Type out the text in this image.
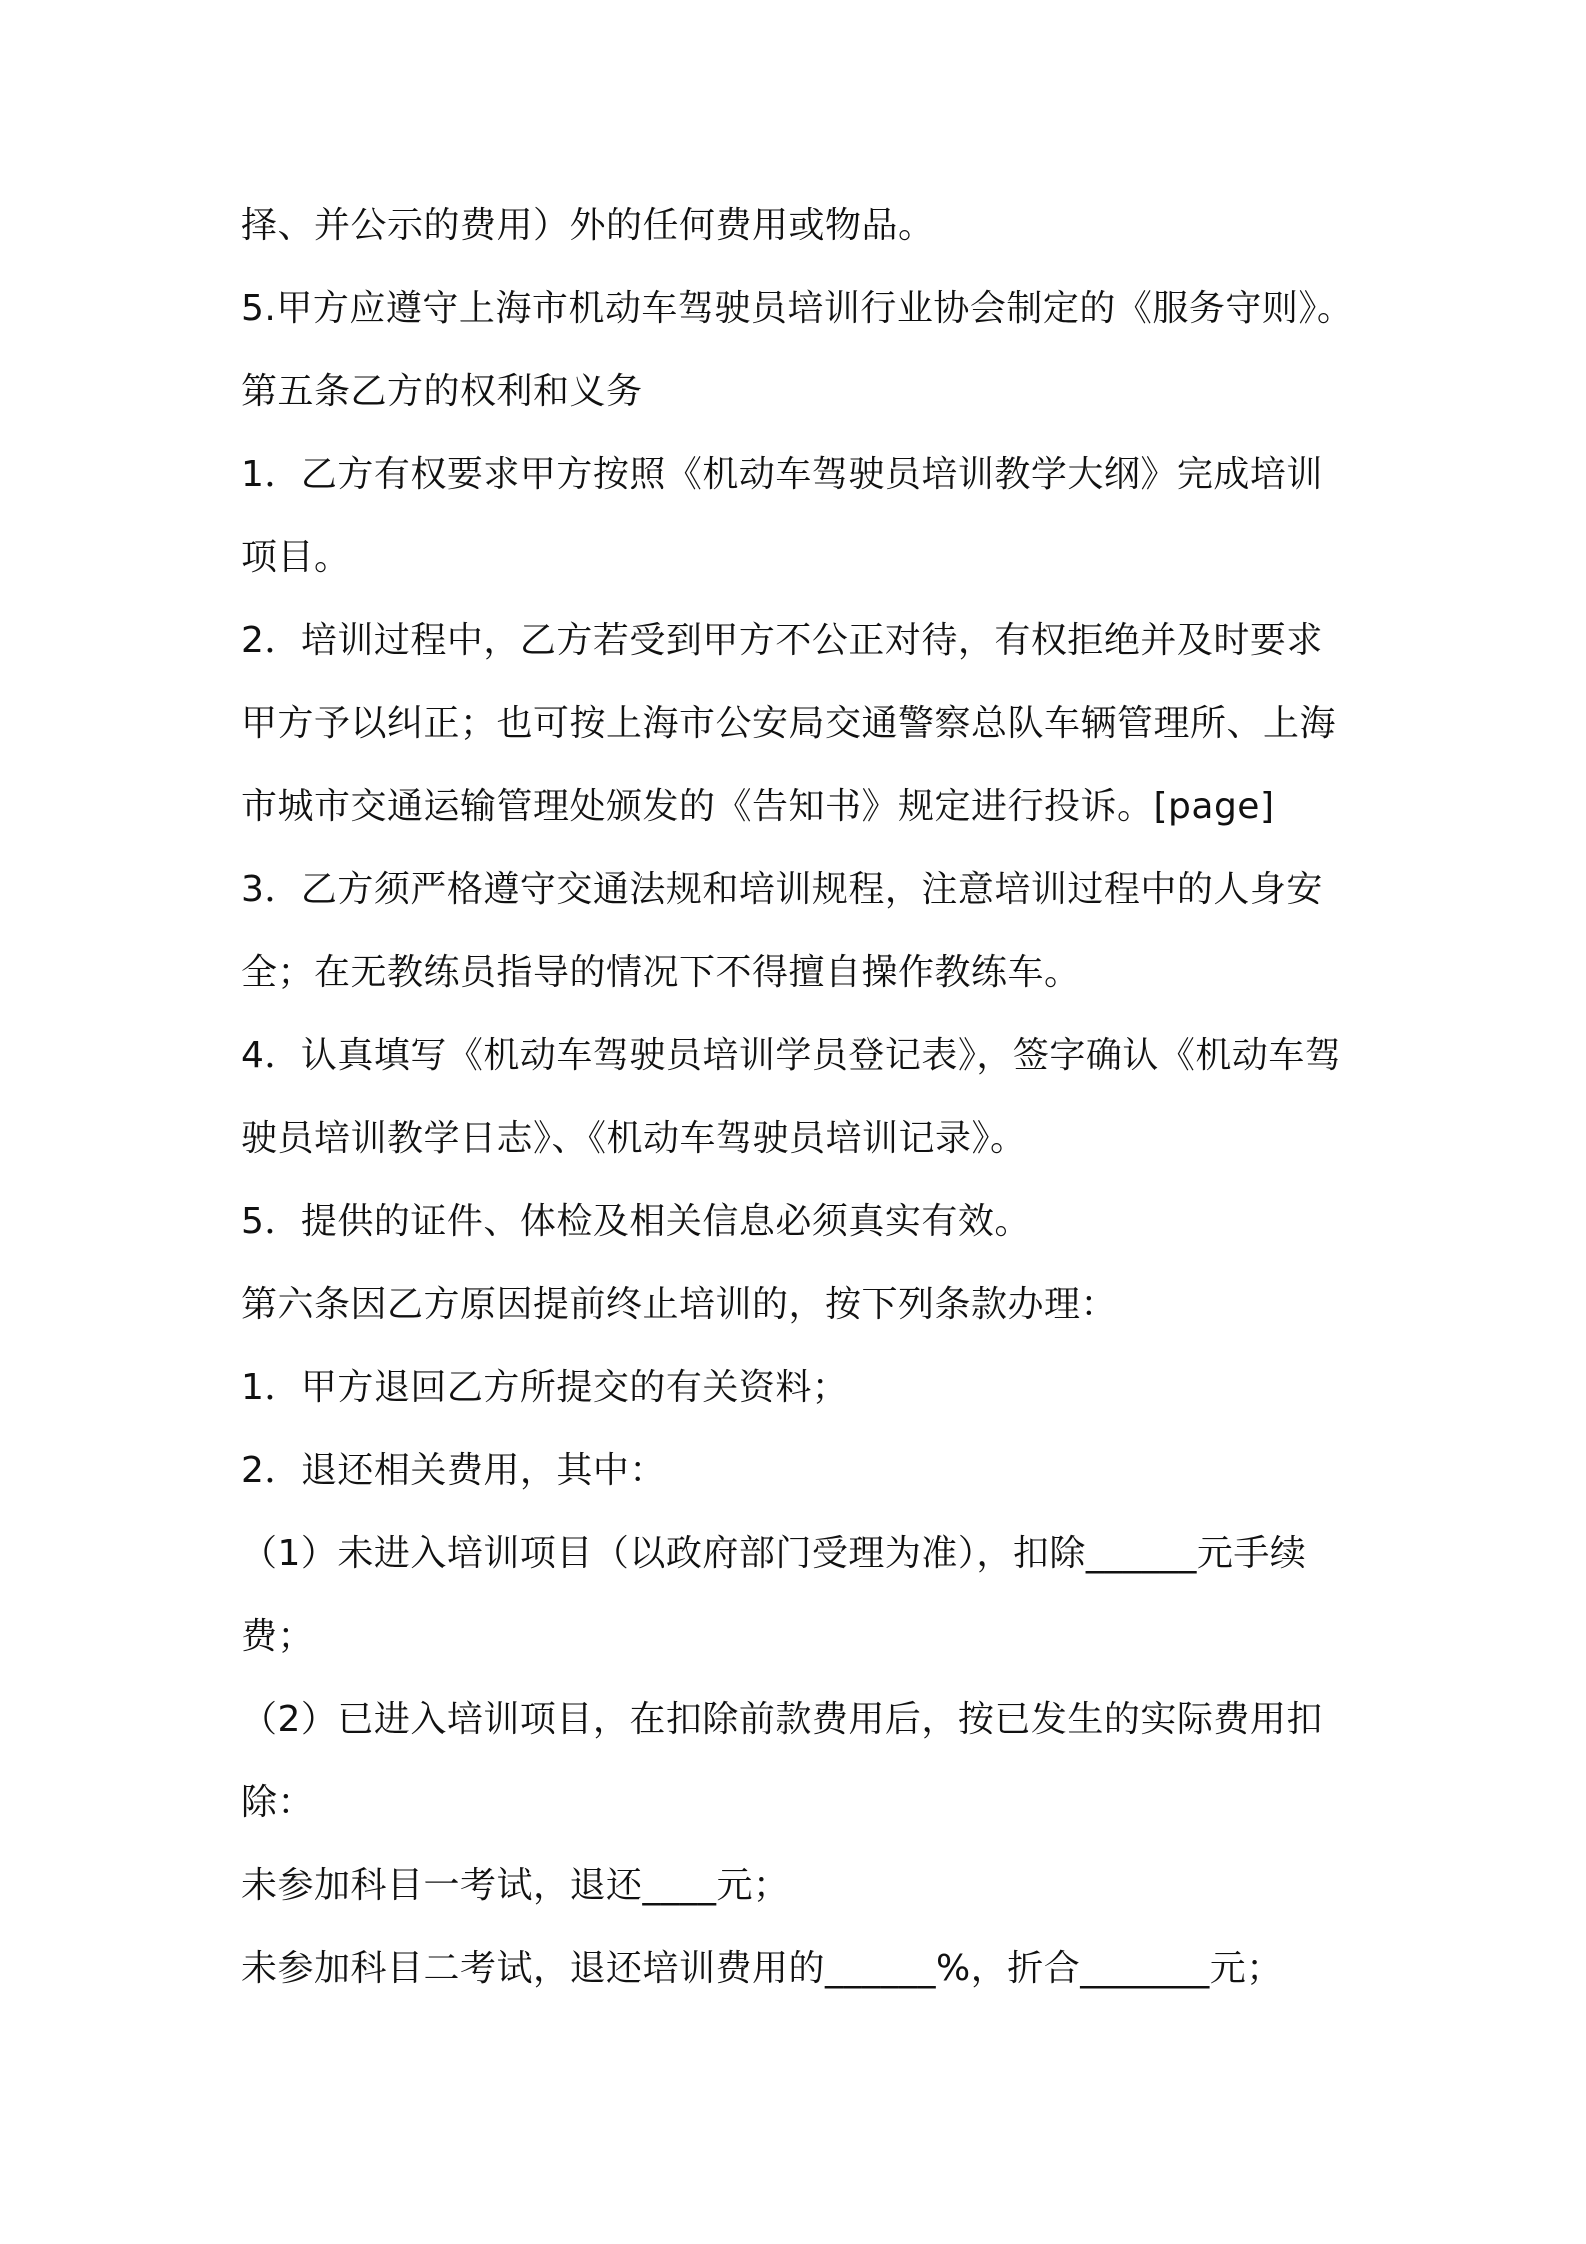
择、并公示的费用）外的任何费用或物品。
5.甲方应遵守上海市机动车驾驶员培训行业协会制定的《服务守则》。
第五条乙方的权利和义务
1．乙方有权要求甲方按照《机动车驾驶员培训教学大纲》完成培训
项目。
2．培训过程中，乙方若受到甲方不公正对待，有权拒绝并及时要求
甲方予以纠正；也可按上海市公安局交通警察总队车辆管理所、上海
市城市交通运输管理处颁发的《告知书》规定进行投诉。[page]
3．乙方须严格遵守交通法规和培训规程，注意培训过程中的人身安
全；在无教练员指导的情况下不得擅自操作教练车。
4．认真填写《机动车驾驶员培训学员登记表》，签字确认《机动车驾
驶员培训教学日志》、《机动车驾驶员培训记录》。
5．提供的证件、体检及相关信息必须真实有效。
第六条因乙方原因提前终止培训的，按下列条款办理：
1．甲方退回乙方所提交的有关资料；
2．退还相关费用，其中：
（1）未进入培训项目（以政府部门受理为准），扣除______元手续
费；
（2）已进入培训项目，在扣除前款费用后，按已发生的实际费用扣
除：
未参加科目一考试，退还____元；
未参加科目二考试，退还培训费用的______%，折合_______元；
